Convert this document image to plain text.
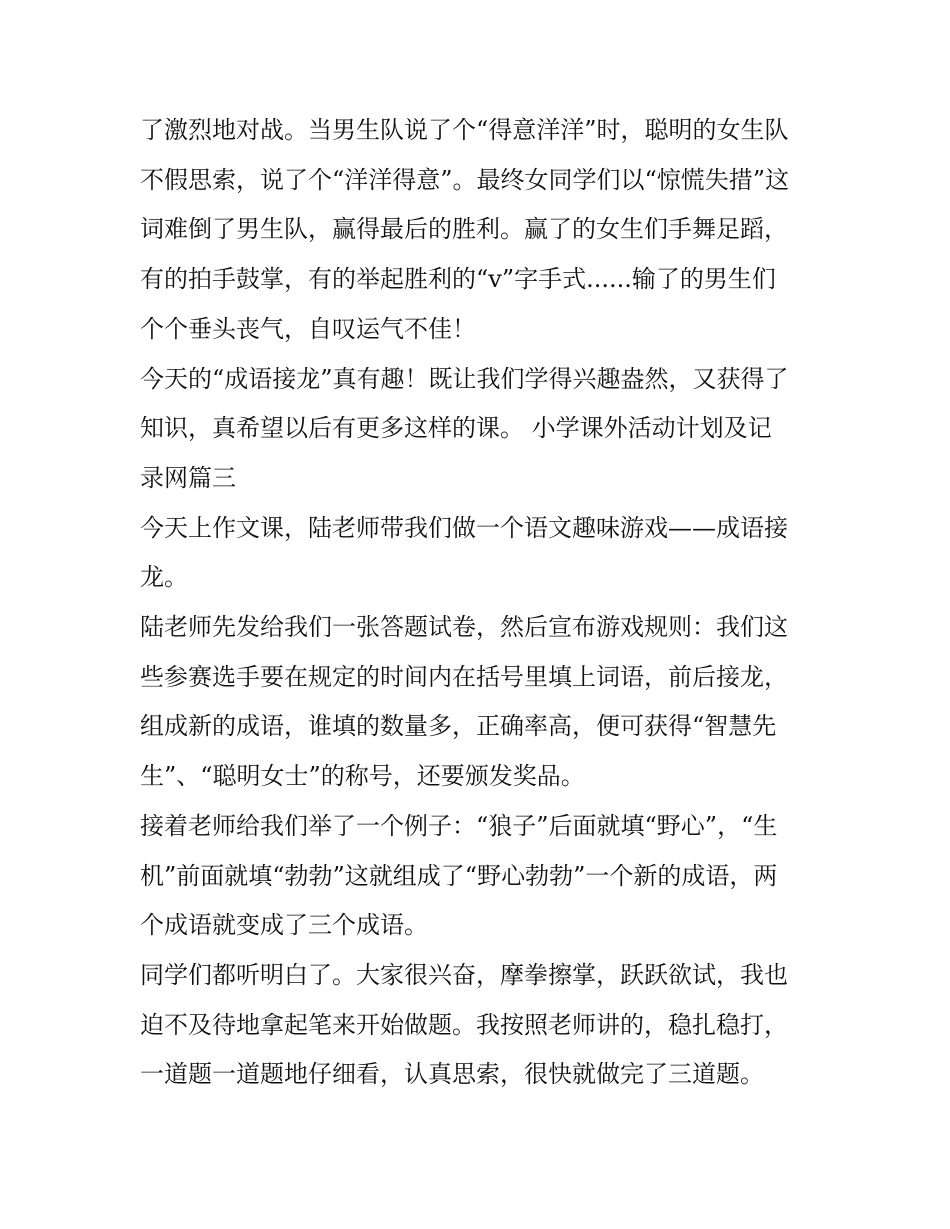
了激烈地对战。当男生队说了个“得意洋洋”时，聪明的女生队
不假思索，说了个“洋洋得意”。最终女同学们以“惊慌失措”这
词难倒了男生队，赢得最后的胜利。赢了的女生们手舞足蹈，
有的拍手鼓掌，有的举起胜利的“v”字手式......输了的男生们
个个垂头丧气，自叹运气不佳！

今天的“成语接龙”真有趣！既让我们学得兴趣盎然，又获得了
知识，真希望以后有更多这样的课。 小学课外活动计划及记
录网篇三

今天上作文课，陆老师带我们做一个语文趣味游戏——成语接
龙。

陆老师先发给我们一张答题试卷，然后宣布游戏规则：我们这
些参赛选手要在规定的时间内在括号里填上词语，前后接龙，
组成新的成语，谁填的数量多，正确率高，便可获得“智慧先
生”、“聪明女士”的称号，还要颁发奖品。

接着老师给我们举了一个例子：“狼子”后面就填“野心”，“生
机”前面就填“勃勃”这就组成了“野心勃勃”一个新的成语，两
个成语就变成了三个成语。

同学们都听明白了。大家很兴奋，摩拳擦掌，跃跃欲试，我也
迫不及待地拿起笔来开始做题。我按照老师讲的，稳扎稳打，
一道题一道题地仔细看，认真思索，很快就做完了三道题。
